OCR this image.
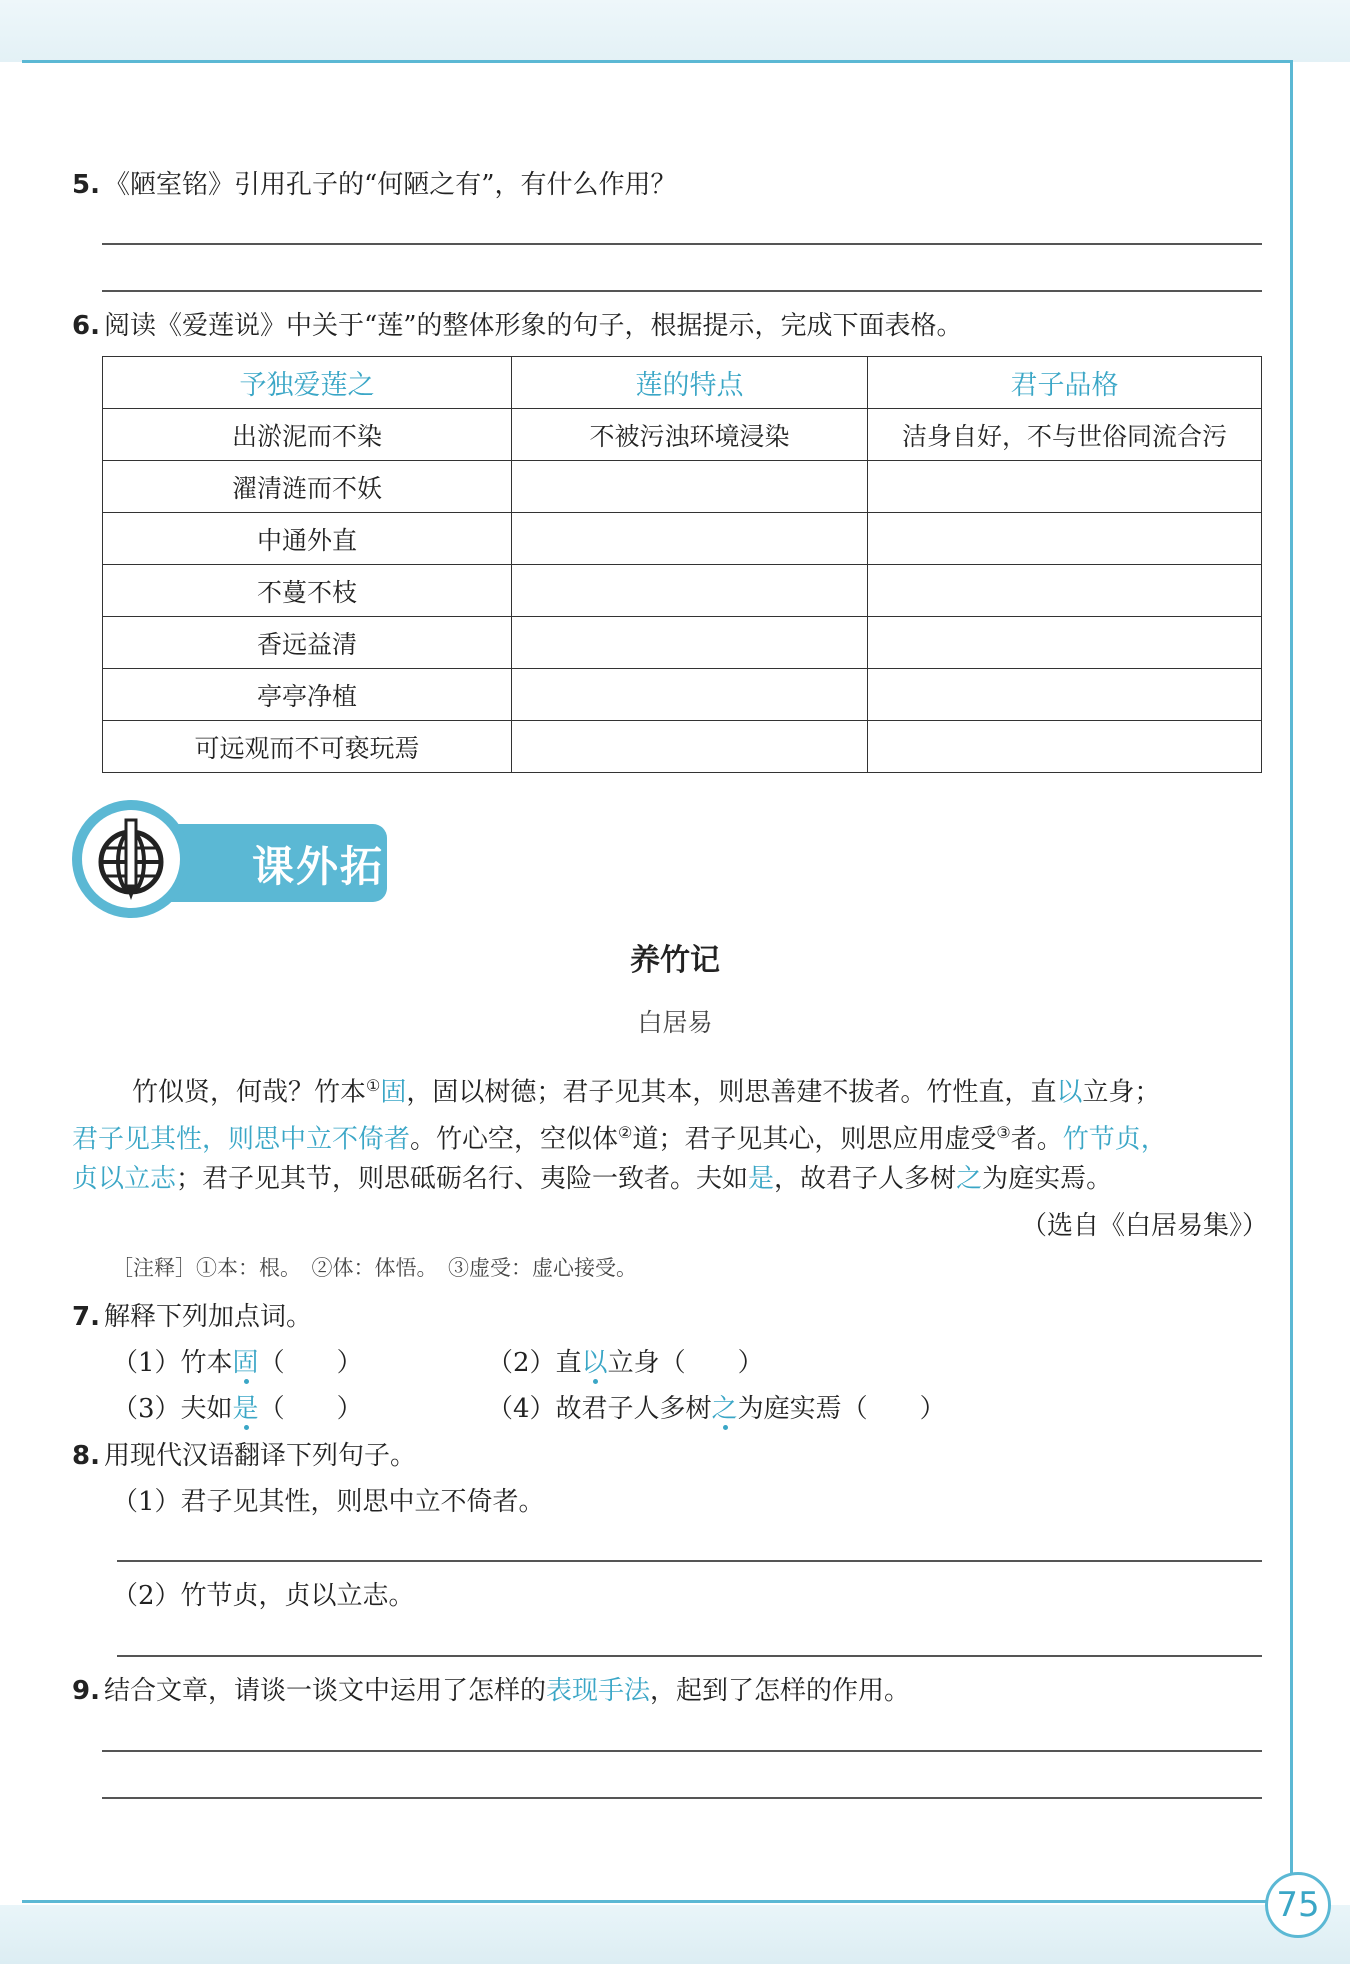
75
5. 《陋室铭》引用孔子的“何陋之有”，有什么作用？
6. 阅读《爱莲说》中关于“莲”的整体形象的句子，根据提示，完成下面表格。
予独爱莲之	莲的特点	君子品格
出淤泥而不染	不被污浊环境浸染	洁身自好，不与世俗同流合污
濯清涟而不妖		
中通外直		
不蔓不枝		
香远益清		
亭亭净植		
可远观而不可亵玩焉		
课外拓展
养竹记
白居易
竹似贤，何哉？竹本①固，固以树德；君子见其本，则思善建不拔者。竹性直，直以立身；
君子见其性，则思中立不倚者。竹心空，空似体②道；君子见其心，则思应用虚受③者。竹节贞，
贞以立志；君子见其节，则思砥砺名行、夷险一致者。夫如是，故君子人多树之为庭实焉。
（选自《白居易集》）
［注释］①本：根。　②体：体悟。　③虚受：虚心接受。
7. 解释下列加点词。
（1）竹本固（　　）	（2）直以立身（　　）
（3）夫如是（　　）	（4）故君子人多树之为庭实焉（　　）
8. 用现代汉语翻译下列句子。
（1）君子见其性，则思中立不倚者。
（2）竹节贞，贞以立志。
9. 结合文章，请谈一谈文中运用了怎样的表现手法，起到了怎样的作用。
